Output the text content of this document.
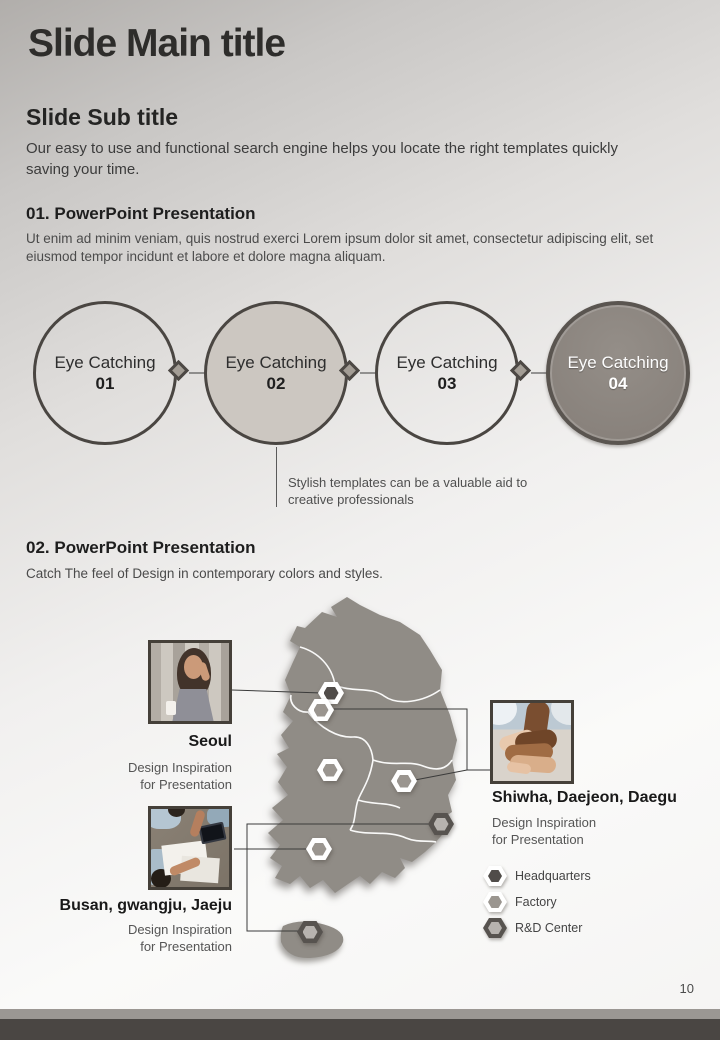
Slide Main title
Slide Sub title
Our easy to use and functional search engine helps you locate the right templates quickly saving your time.
01. PowerPoint Presentation
Ut enim ad minim veniam, quis nostrud exerci Lorem ipsum dolor sit amet, consectetur adipiscing elit, set eiusmod tempor incidunt et labore et dolore magna aliquam.
Eye Catching
01
Eye Catching
02
Eye Catching
03
Eye Catching
04
Stylish templates can be a valuable aid to creative professionals
02. PowerPoint Presentation
Catch The feel of Design in contemporary colors and styles.
Seoul
Design Inspiration
for Presentation
Busan, gwangju, Jaeju
Design Inspiration
for Presentation
Shiwha, Daejeon, Daegu
Design Inspiration
for Presentation
Headquarters
Factory
R&D Center
10
